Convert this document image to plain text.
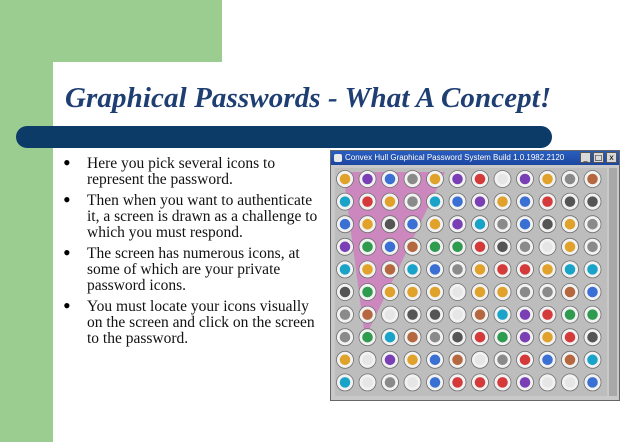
Graphical Passwords - What A Concept!
• Here you pick several icons to represent the password.
• Then when you want to authenticate it, a screen is drawn as a challenge to which you must respond.
• The screen has numerous icons, at some of which are your private password icons.
• You must locate your icons visually on the screen and click on the screen to the password.
Convex Hull Graphical Password System Build 1.0.1982.2120	_ □ x
